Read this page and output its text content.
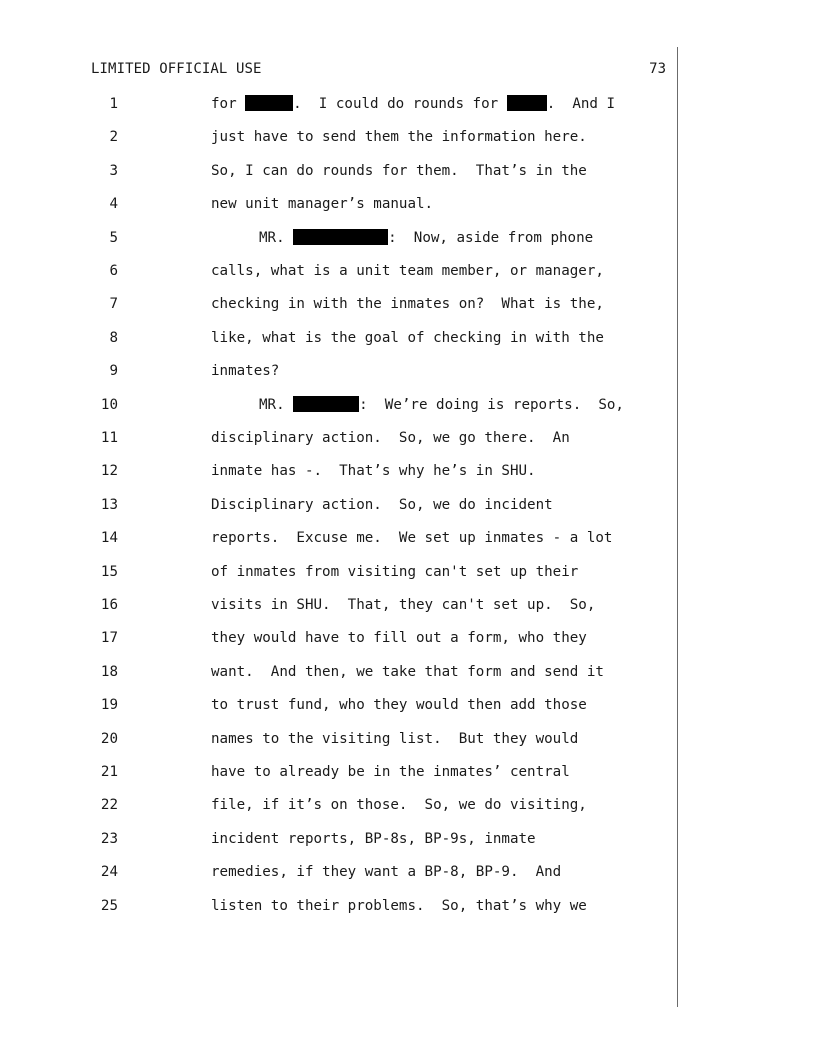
LIMITED OFFICIAL USE	73
1	for	.  I could do rounds for	.  And I
2	just have to send them the information here.
3	So, I can do rounds for them.  That’s in the
4	new unit manager’s manual.
5	MR.	:  Now, aside from phone
6	calls, what is a unit team member, or manager,
7	checking in with the inmates on?  What is the,
8	like, what is the goal of checking in with the
9	inmates?
10	MR.	:  We’re doing is reports.  So,
11	disciplinary action.  So, we go there.  An
12	inmate has -.  That’s why he’s in SHU.
13	Disciplinary action.  So, we do incident
14	reports.  Excuse me.  We set up inmates - a lot
15	of inmates from visiting can't set up their
16	visits in SHU.  That, they can't set up.  So,
17	they would have to fill out a form, who they
18	want.  And then, we take that form and send it
19	to trust fund, who they would then add those
20	names to the visiting list.  But they would
21	have to already be in the inmates’ central
22	file, if it’s on those.  So, we do visiting,
23	incident reports, BP-8s, BP-9s, inmate
24	remedies, if they want a BP-8, BP-9.  And
25	listen to their problems.  So, that’s why we
